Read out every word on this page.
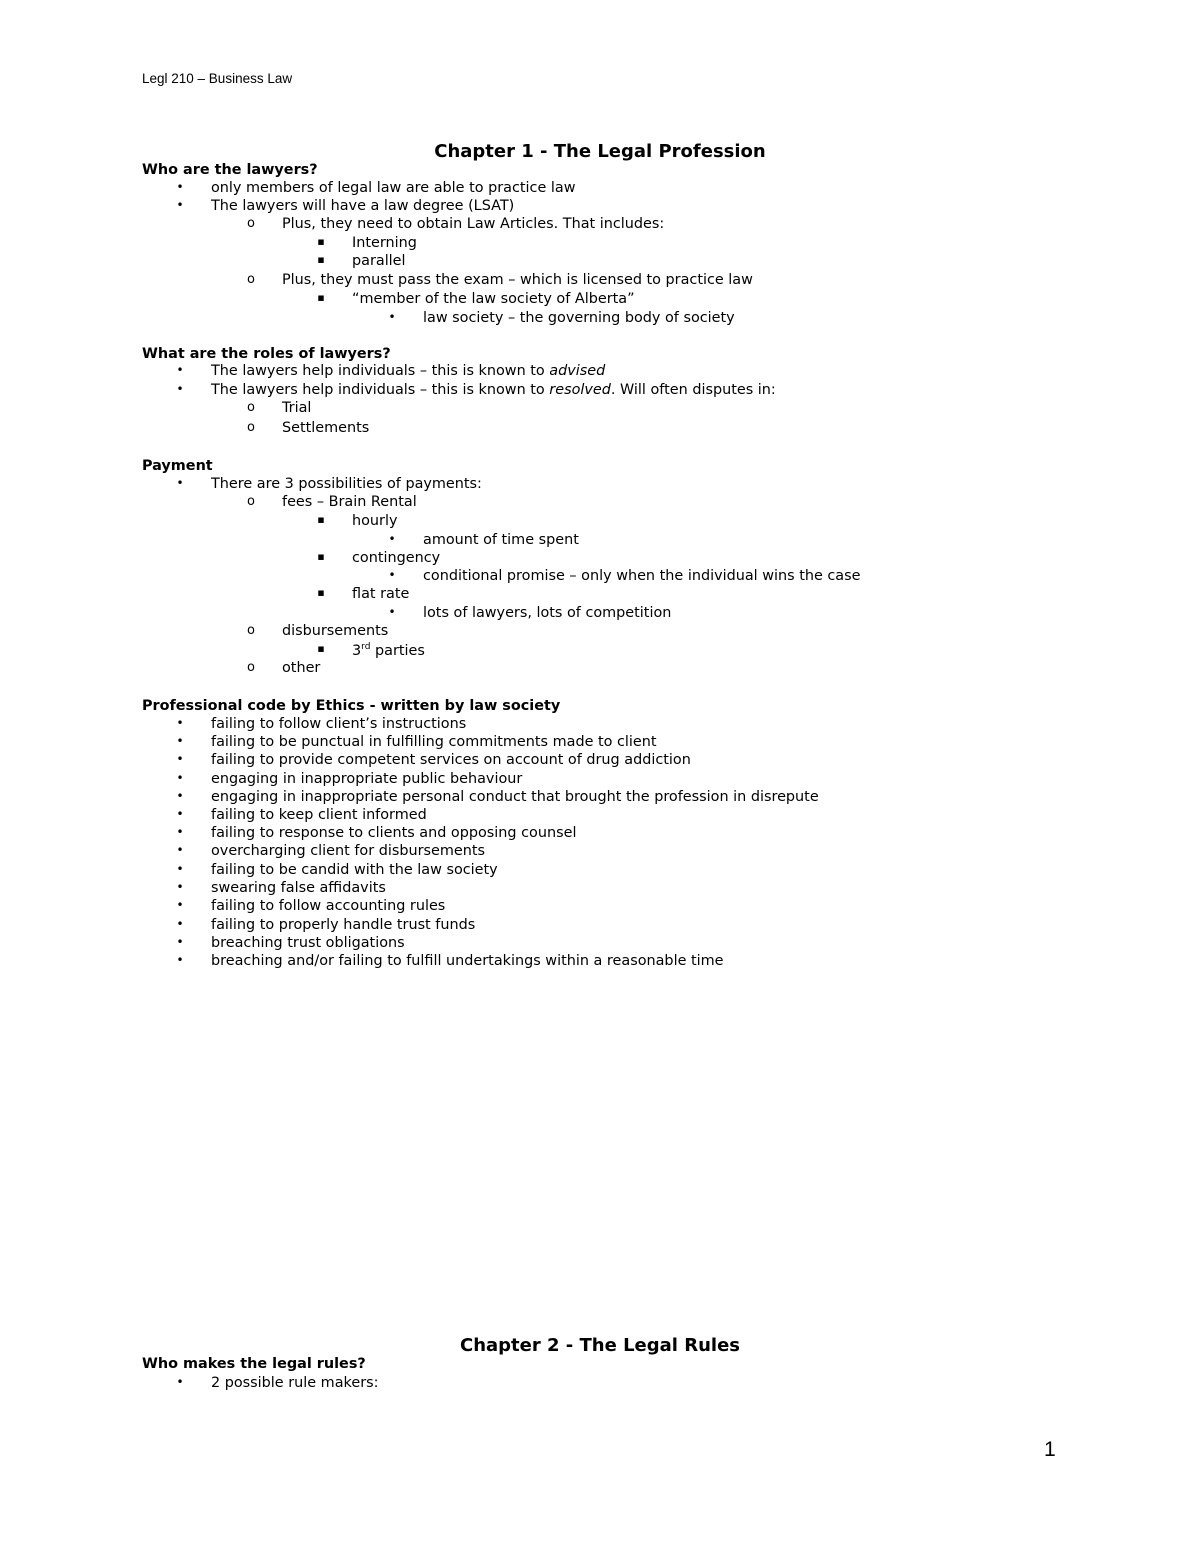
Legl 210 – Business Law
Chapter 1 - The Legal Profession
Who are the lawyers?
•	only members of legal law are able to practice law
•	The lawyers will have a law degree (LSAT)
o	Plus, they need to obtain Law Articles. That includes:
▪	Interning
▪	parallel
o	Plus, they must pass the exam – which is licensed to practice law
▪	“member of the law society of Alberta”
•	law society – the governing body of society
What are the roles of lawyers?
•	The lawyers help individuals – this is known to advised
•	The lawyers help individuals – this is known to resolved. Will often disputes in:
o	Trial
o	Settlements
Payment
•	There are 3 possibilities of payments:
o	fees – Brain Rental
▪	hourly
•	amount of time spent
▪	contingency
•	conditional promise – only when the individual wins the case
▪	flat rate
•	lots of lawyers, lots of competition
o	disbursements
▪	3rd parties
o	other
Professional code by Ethics - written by law society
•	failing to follow client’s instructions
•	failing to be punctual in fulfilling commitments made to client
•	failing to provide competent services on account of drug addiction
•	engaging in inappropriate public behaviour
•	engaging in inappropriate personal conduct that brought the profession in disrepute
•	failing to keep client informed
•	failing to response to clients and opposing counsel
•	overcharging client for disbursements
•	failing to be candid with the law society
•	swearing false affidavits
•	failing to follow accounting rules
•	failing to properly handle trust funds
•	breaching trust obligations
•	breaching and/or failing to fulfill undertakings within a reasonable time
Chapter 2 - The Legal Rules
Who makes the legal rules?
•	2 possible rule makers:
1
